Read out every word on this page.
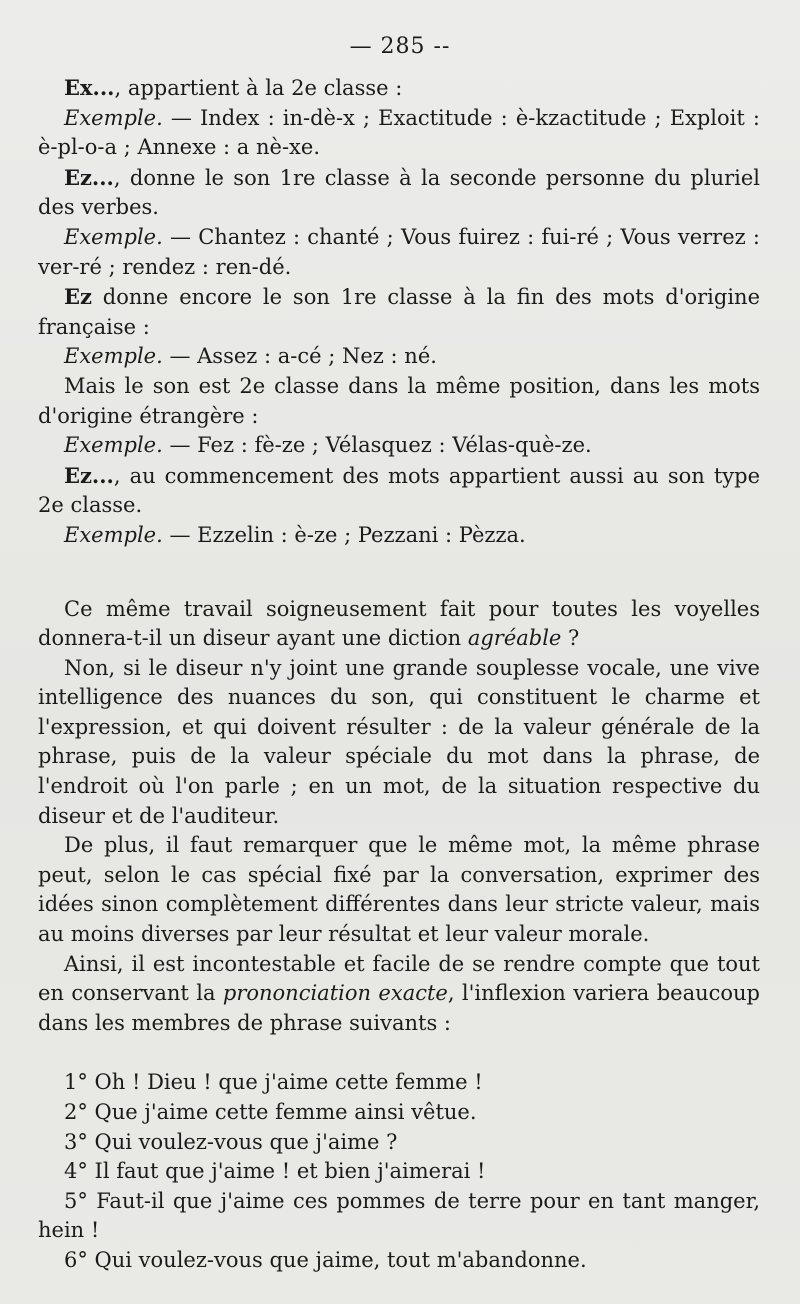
— 285 --

Ex..., appartient à la 2e classe :

Exemple. — Index : in-dè-x ; Exactitude : è-kzactitude ; Exploit : è-pl-o-a ; Annexe : a nè-xe.

Ez..., donne le son 1re classe à la seconde personne du pluriel des verbes.

Exemple. — Chantez : chanté ; Vous fuirez : fui-ré ; Vous verrez : ver-ré ; rendez : ren-dé.

Ez donne encore le son 1re classe à la fin des mots d'origine française :

Exemple. — Assez : a-cé ; Nez : né.

Mais le son est 2e classe dans la même position, dans les mots d'origine étrangère :

Exemple. — Fez : fè-ze ; Vélasquez : Vélas-què-ze.

Ez..., au commencement des mots appartient aussi au son type 2e classe.

Exemple. — Ezzelin : è-ze ; Pezzani : Pèzza.

Ce même travail soigneusement fait pour toutes les voyelles donnera-t-il un diseur ayant une diction agréable ?

Non, si le diseur n'y joint une grande souplesse vocale, une vive intelligence des nuances du son, qui constituent le charme et l'expression, et qui doivent résulter : de la valeur générale de la phrase, puis de la valeur spéciale du mot dans la phrase, de l'endroit où l'on parle ; en un mot, de la situation respective du diseur et de l'auditeur.

De plus, il faut remarquer que le même mot, la même phrase peut, selon le cas spécial fixé par la conversation, exprimer des idées sinon complètement différentes dans leur stricte valeur, mais au moins diverses par leur résultat et leur valeur morale.

Ainsi, il est incontestable et facile de se rendre compte que tout en conservant la prononciation exacte, l'inflexion variera beaucoup dans les membres de phrase suivants :

1° Oh ! Dieu ! que j'aime cette femme !

2° Que j'aime cette femme ainsi vêtue.

3° Qui voulez-vous que j'aime ?

4° Il faut que j'aime ! et bien j'aimerai !

5° Faut-il que j'aime ces pommes de terre pour en tant manger, hein !

6° Qui voulez-vous que jaime, tout m'abandonne.
